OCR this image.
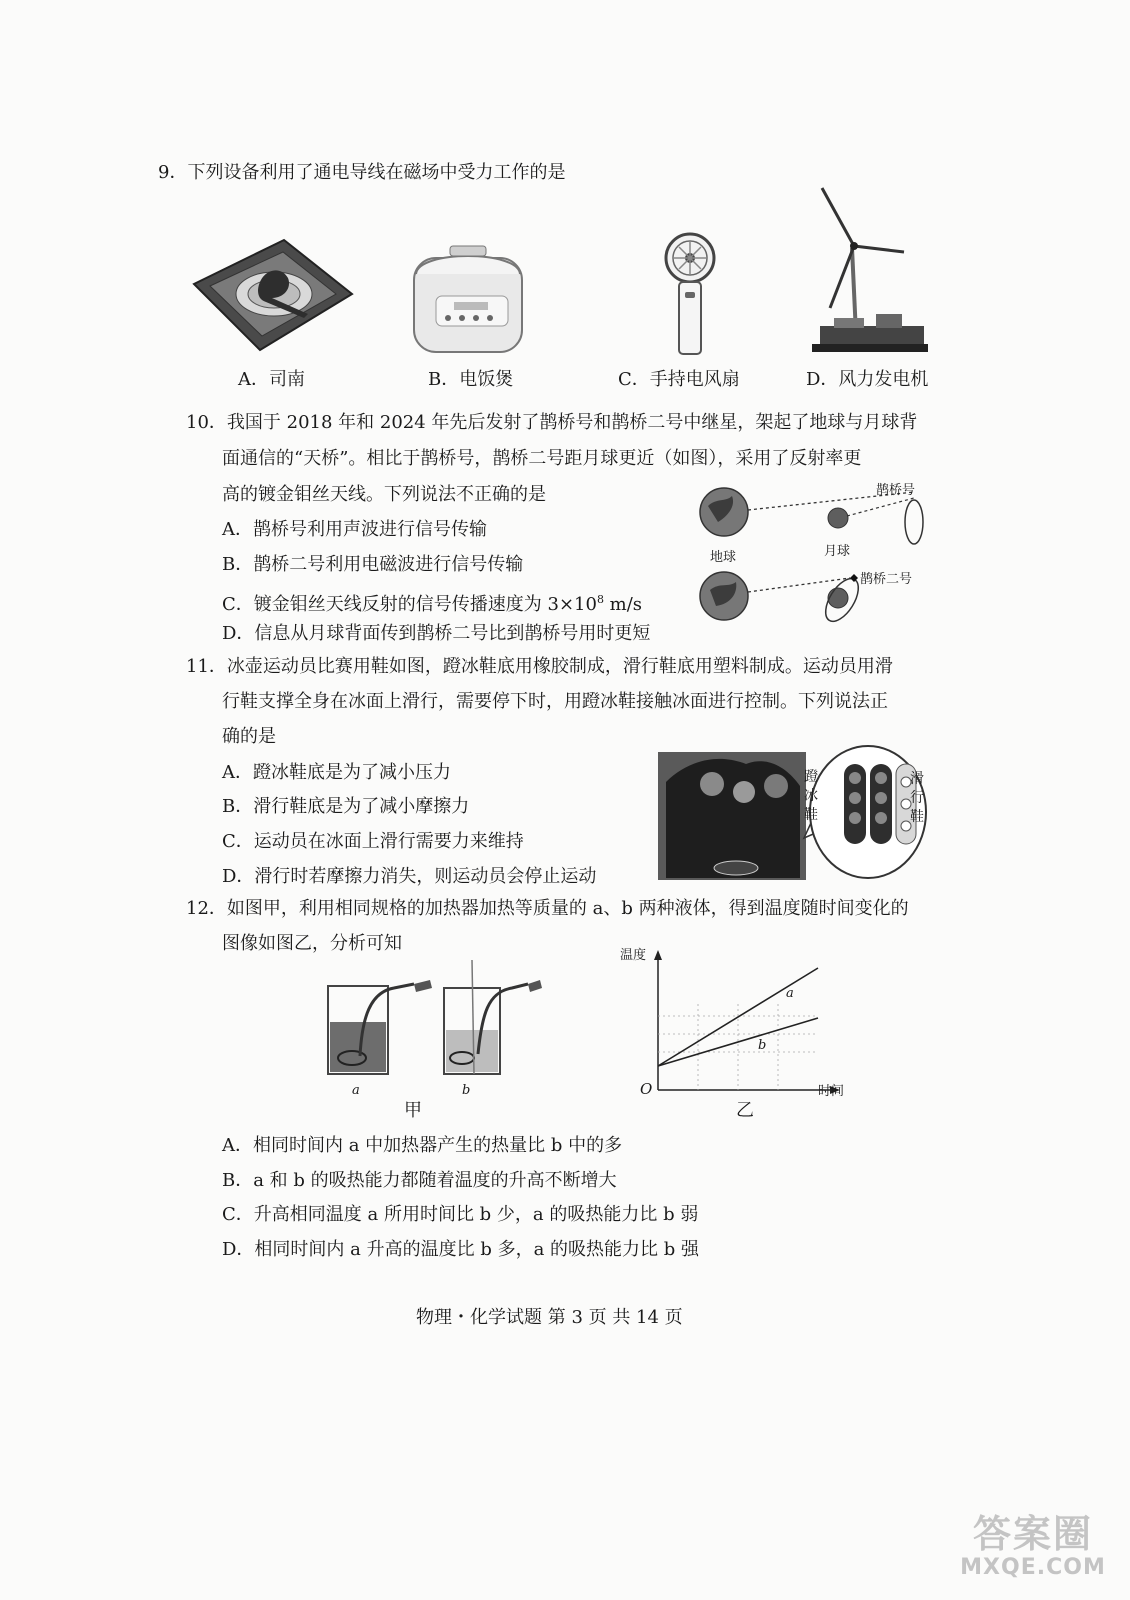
9．下列设备利用了通电导线在磁场中受力工作的是
A．司南	B．电饭煲	C．手持电风扇	D．风力发电机
10．我国于 2018 年和 2024 年先后发射了鹊桥号和鹊桥二号中继星，架起了地球与月球背
面通信的“天桥”。相比于鹊桥号，鹊桥二号距月球更近（如图），采用了反射率更
高的镀金钼丝天线。下列说法不正确的是
A．鹊桥号利用声波进行信号传输
B．鹊桥二号利用电磁波进行信号传输
C．镀金钼丝天线反射的信号传播速度为 $3\times 10^8$ m/s
D．信息从月球背面传到鹊桥二号比到鹊桥号用时更短
鹊桥号
地球	月球
鹊桥二号
11．冰壶运动员比赛用鞋如图，蹬冰鞋底用橡胶制成，滑行鞋底用塑料制成。运动员用滑
行鞋支撑全身在冰面上滑行，需要停下时，用蹬冰鞋接触冰面进行控制。下列说法正
确的是
A．蹬冰鞋底是为了减小压力
B．滑行鞋底是为了减小摩擦力
C．运动员在冰面上滑行需要力来维持
D．滑行时若摩擦力消失，则运动员会停止运动
蹬冰鞋
滑行鞋
12．如图甲，利用相同规格的加热器加热等质量的 a、b 两种液体，得到温度随时间变化的
图像如图乙，分析可知
a	b
甲
温度
时间
O
a
b
乙
A．相同时间内 a 中加热器产生的热量比 b 中的多
B．a 和 b 的吸热能力都随着温度的升高不断增大
C．升高相同温度 a 所用时间比 b 少，a 的吸热能力比 b 弱
D．相同时间内 a 升高的温度比 b 多，a 的吸热能力比 b 强
物理・化学试题 第 3 页 共 14 页
答案圈
MXQE.COM
